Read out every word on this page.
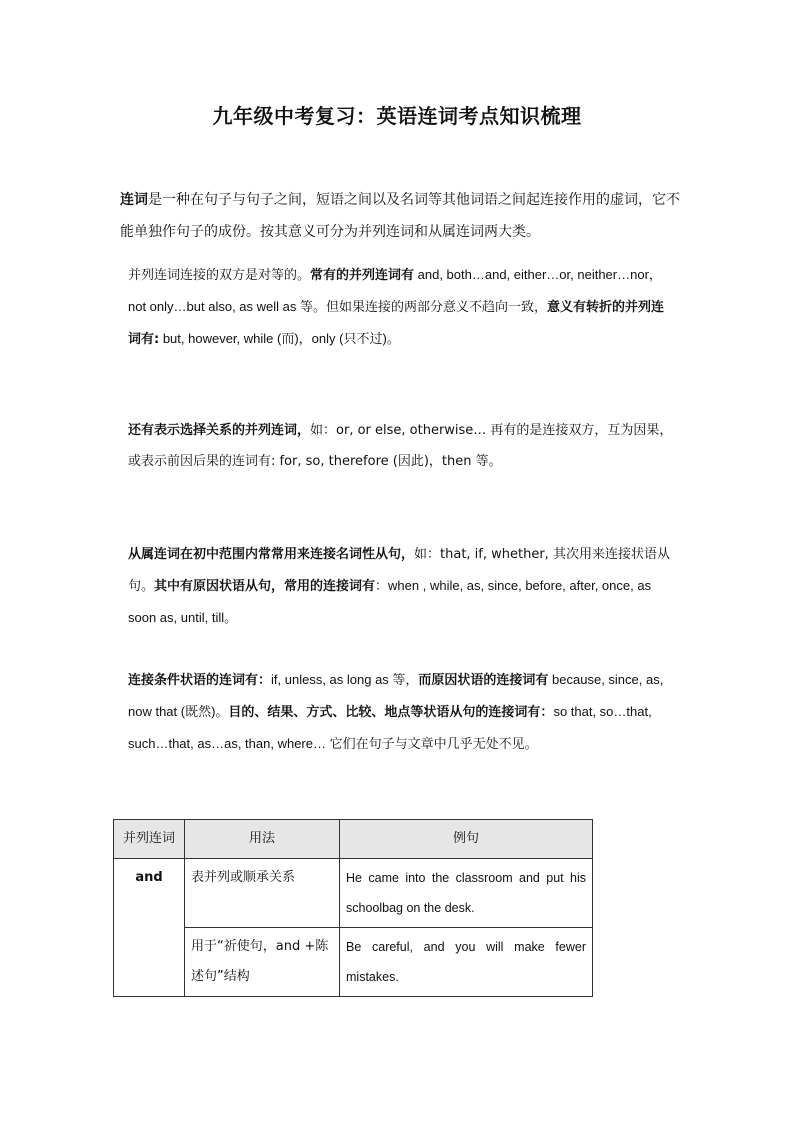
九年级中考复习：英语连词考点知识梳理
连词是一种在句子与句子之间，短语之间以及名词等其他词语之间起连接作用的虚词，它不能单独作句子的成份。按其意义可分为并列连词和从属连词两大类。
并列连词连接的双方是对等的。常有的并列连词有 and, both…and, either…or, neither…nor， not only…but also, as well as 等。但如果连接的两部分意义不趋向一致，意义有转折的并列连词有: but, however, while (而)，only (只不过)。
还有表示选择关系的并列连词，如：or, or else, otherwise… 再有的是连接双方，互为因果，或表示前因后果的连词有: for, so, therefore (因此)，then 等。
从属连词在初中范围内常常用来连接名词性从句，如：that, if, whether, 其次用来连接状语从句。其中有原因状语从句，常用的连接词有：when , while, as, since, before, after, once, as soon as, until, till。
连接条件状语的连词有：if, unless, as long as 等，而原因状语的连接词有 because, since, as, now that (既然)。目的、结果、方式、比较、地点等状语从句的连接词有：so that, so…that, such…that, as…as, than, where… 它们在句子与文章中几乎无处不见。
并列连词	用法	例句
and	表并列或顺承关系	He came into the classroom and put his schoolbag on the desk.
	用于“祈使句，and +陈述句”结构	Be careful, and you will make fewer mistakes.
